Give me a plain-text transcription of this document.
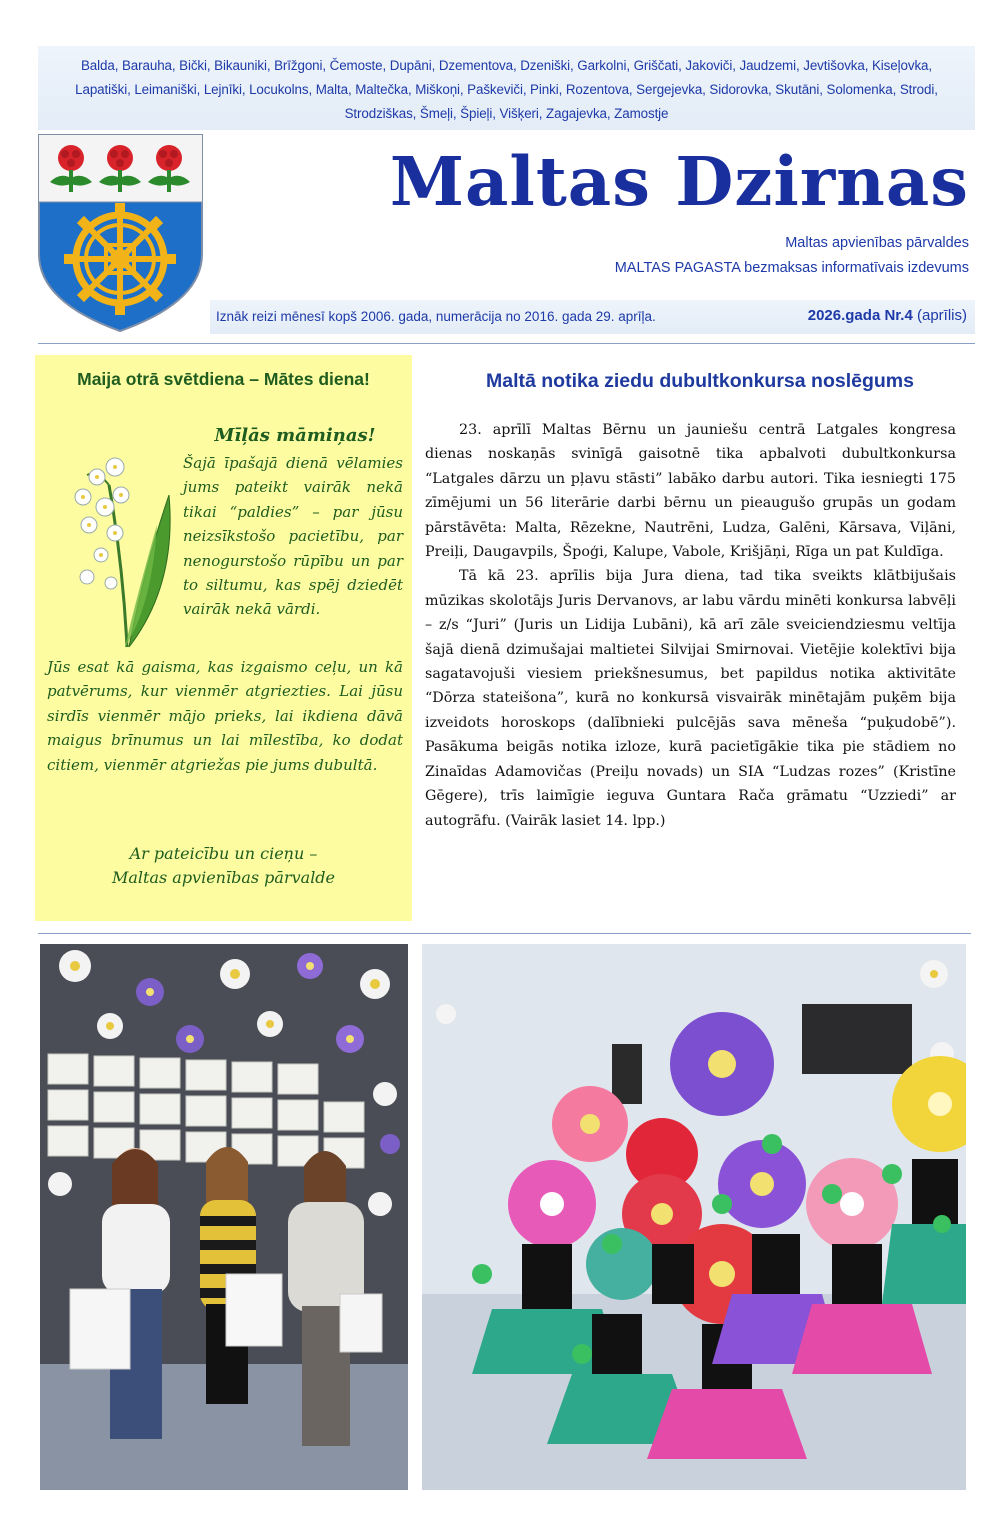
Balda, Barauha, Bički, Bikauniki, Brīžgoni, Čemoste, Dupāni, Dzementova, Dzeniški, Garkolni, Griščati, Jakoviči, Jaudzemi, Jevtišovka, Kiseļovka, Lapatiški, Leimaniški, Lejnīki, Locukolns, Malta, Maltečka, Miškoņi, Paškeviči, Pinki, Rozentova, Sergejevka, Sidorovka, Skutāni, Solomenka, Strodi, Strodziškas, Šmeļi, Špieļi, Višķeri, Zagajevka, Zamostje

Maltas Dzirnas

Maltas apvienības pārvaldes

MALTAS PAGASTA bezmaksas informatīvais izdevums

Iznāk reizi mēnesī kopš 2006. gada, numerācija no 2016. gada 29. aprīļa.	2026.gada Nr.4 (aprīlis)
Maija otrā svētdiena – Mātes diena!

Mīļās māmiņas!

Šajā īpašajā dienā vēlamies jums pateikt vairāk nekā tikai “paldies” – par jūsu neizsīkstošo pacietību, par nenogurstošo rūpību un par to siltumu, kas spēj dziedēt vairāk nekā vārdi.

Jūs esat kā gaisma, kas izgaismo ceļu, un kā patvērums, kur vienmēr atgriezties. Lai jūsu sirdīs vienmēr mājo prieks, lai ikdiena dāvā maigus brīnumus un lai mīlestība, ko dodat citiem, vienmēr atgriežas pie jums dubultā.

Ar pateicību un cieņu –

Maltas apvienības pārvalde

Maltā notika ziedu dubultkonkursa noslēgums

23. aprīlī Maltas Bērnu un jauniešu centrā Latgales kongresa dienas noskaņās svinīgā gaisotnē tika apbalvoti dubultkonkursa “Latgales dārzu un pļavu stāsti” labāko darbu autori. Tika iesniegti 175 zīmējumi un 56 literārie darbi bērnu un pieaugušo grupās un godam pārstāvēta: Malta, Rēzekne, Nautrēni, Ludza, Galēni, Kārsava, Viļāni, Preiļi, Daugavpils, Špoģi, Kalupe, Vabole, Krišjāņi, Rīga un pat Kuldīga.

Tā kā 23. aprīlis bija Jura diena, tad tika sveikts klātbijušais mūzikas skolotājs Juris Dervanovs, ar labu vārdu minēti konkursa labvēļi – z/s “Juri” (Juris un Lidija Lubāni), kā arī zāle sveiciendziesmu veltīja šajā dienā dzimušajai maltietei Silvijai Smirnovai. Vietējie kolektīvi bija sagatavojuši viesiem priekšnesumus, bet papildus notika aktivitāte “Dōrza stateišona”, kurā no konkursā visvairāk minētajām puķēm bija izveidots horoskops (dalībnieki pulcējās sava mēneša “puķudobē”). Pasākuma beigās notika izloze, kurā pacietīgākie tika pie stādiem no Zinaīdas Adamovičas (Preiļu novads) un SIA “Ludzas rozes” (Kristīne Gēgere), trīs laimīgie ieguva Guntara Rača grāmatu “Uzziedi” ar autogrāfu. (Vairāk lasiet 14. lpp.)
